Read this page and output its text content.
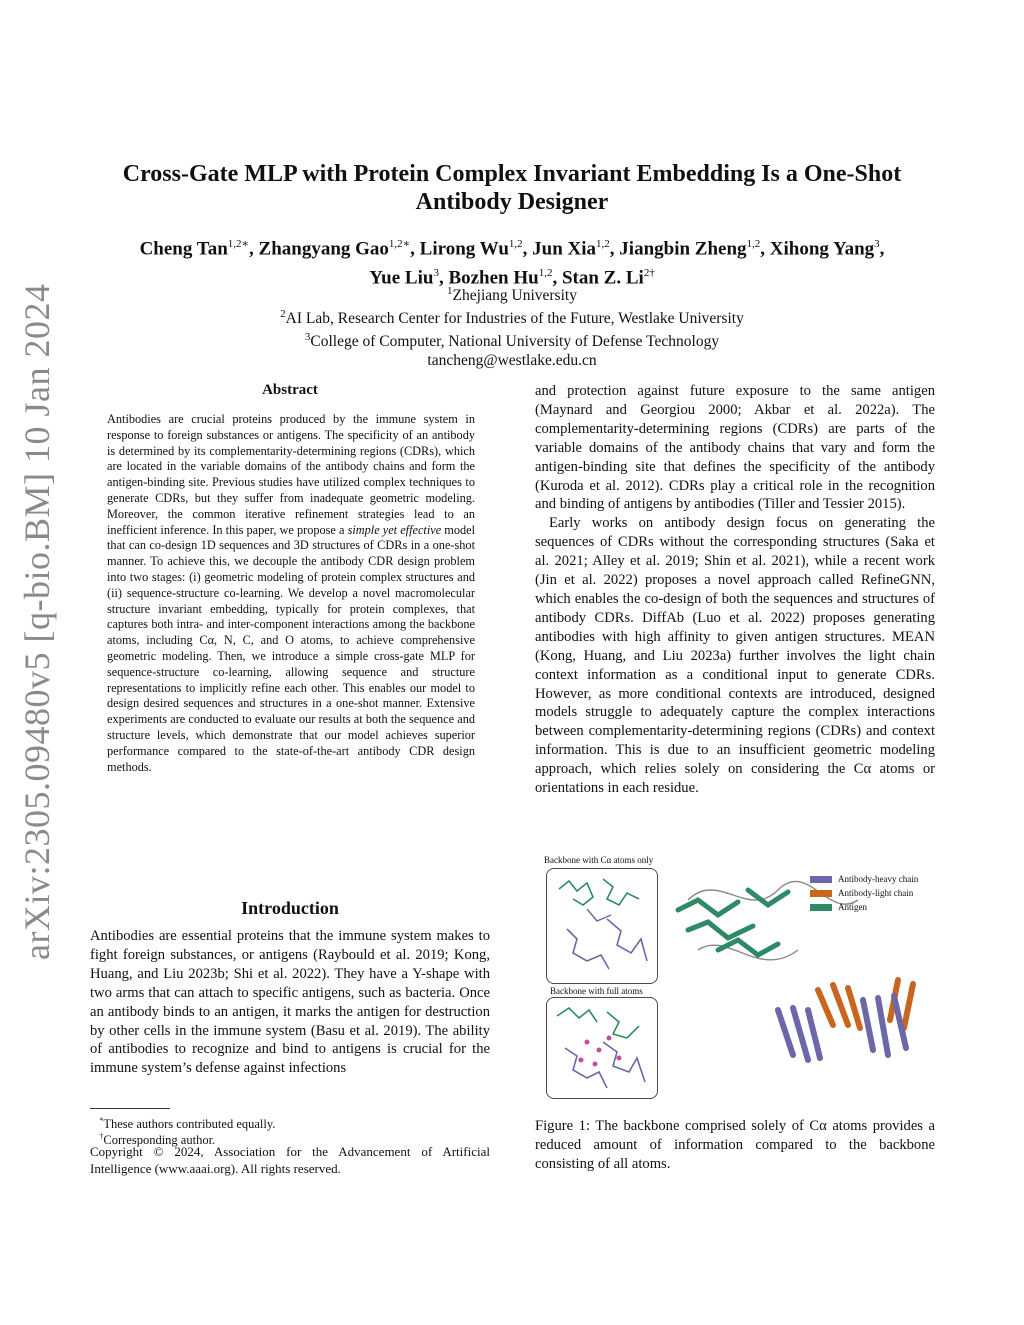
arXiv:2305.09480v5 [q-bio.BM] 10 Jan 2024
Cross-Gate MLP with Protein Complex Invariant Embedding Is a One-Shot Antibody Designer
Cheng Tan$^{1,2∗}$, Zhangyang Gao$^{1,2∗}$, Lirong Wu$^{1,2}$, Jun Xia$^{1,2}$, Jiangbin Zheng$^{1,2}$, Xihong Yang$^3$,
Yue Liu$^3$, Bozhen Hu$^{1,2}$, Stan Z. $Li^{2\dagger}$
$^1$Zhejiang University
$^2$AI Lab, Research Center for Industries of the Future, Westlake University
$^3$College of Computer, National University of Defense Technology
tancheng@westlake.edu.cn
Abstract
Antibodies are crucial proteins produced by the immune system in response to foreign substances or antigens. The specificity of an antibody is determined by its complementarity-determining regions (CDRs), which are located in the variable domains of the antibody chains and form the antigen-binding site. Previous studies have utilized complex techniques to generate CDRs, but they suffer from inadequate geometric modeling. Moreover, the common iterative refinement strategies lead to an inefficient inference. In this paper, we propose a simple yet effective model that can co-design 1D sequences and 3D structures of CDRs in a one-shot manner. To achieve this, we decouple the antibody CDR design problem into two stages: (i) geometric modeling of protein complex structures and (ii) sequence-structure co-learning. We develop a novel macromolecular structure invariant embedding, typically for protein complexes, that captures both intra- and inter-component interactions among the backbone atoms, including Cα, N, C, and O atoms, to achieve comprehensive geometric modeling. Then, we introduce a simple cross-gate MLP for sequence-structure co-learning, allowing sequence and structure representations to implicitly refine each other. This enables our model to design desired sequences and structures in a one-shot manner. Extensive experiments are conducted to evaluate our results at both the sequence and structure levels, which demonstrate that our model achieves superior performance compared to the state-of-the-art antibody CDR design methods.
Introduction
Antibodies are essential proteins that the immune system makes to fight foreign substances, or antigens (Raybould et al. 2019; Kong, Huang, and Liu 2023b; Shi et al. 2022). They have a Y-shape with two arms that can attach to specific antigens, such as bacteria. Once an antibody binds to an antigen, it marks the antigen for destruction by other cells in the immune system (Basu et al. 2019). The ability of antibodies to recognize and bind to antigens is crucial for the immune system’s defense against infections
*These authors contributed equally.
†Corresponding author.
Copyright © 2024, Association for the Advancement of Artificial Intelligence (www.aaai.org). All rights reserved.

and protection against future exposure to the same antigen (Maynard and Georgiou 2000; Akbar et al. 2022a). The complementarity-determining regions (CDRs) are parts of the variable domains of the antibody chains that vary and form the antigen-binding site that defines the specificity of the antibody (Kuroda et al. 2012). CDRs play a critical role in the recognition and binding of antigens by antibodies (Tiller and Tessier 2015).

Early works on antibody design focus on generating the sequences of CDRs without the corresponding structures (Saka et al. 2021; Alley et al. 2019; Shin et al. 2021), while a recent work (Jin et al. 2022) proposes a novel approach called RefineGNN, which enables the co-design of both the sequences and structures of antibody CDRs. DiffAb (Luo et al. 2022) proposes generating antibodies with high affinity to given antigen structures. MEAN (Kong, Huang, and Liu 2023a) further involves the light chain context information as a conditional input to generate CDRs. However, as more conditional contexts are introduced, designed models struggle to adequately capture the complex interactions between complementarity-determining regions (CDRs) and context information. This is due to an insufficient geometric modeling approach, which relies solely on considering the Cα atoms or orientations in each residue.

Backbone with Cα atoms only
Backbone with full atoms
Antibody-heavy chain
Antibody-light chain
Antigen
Figure 1: The backbone comprised solely of Cα atoms provides a reduced amount of information compared to the backbone consisting of all atoms.
